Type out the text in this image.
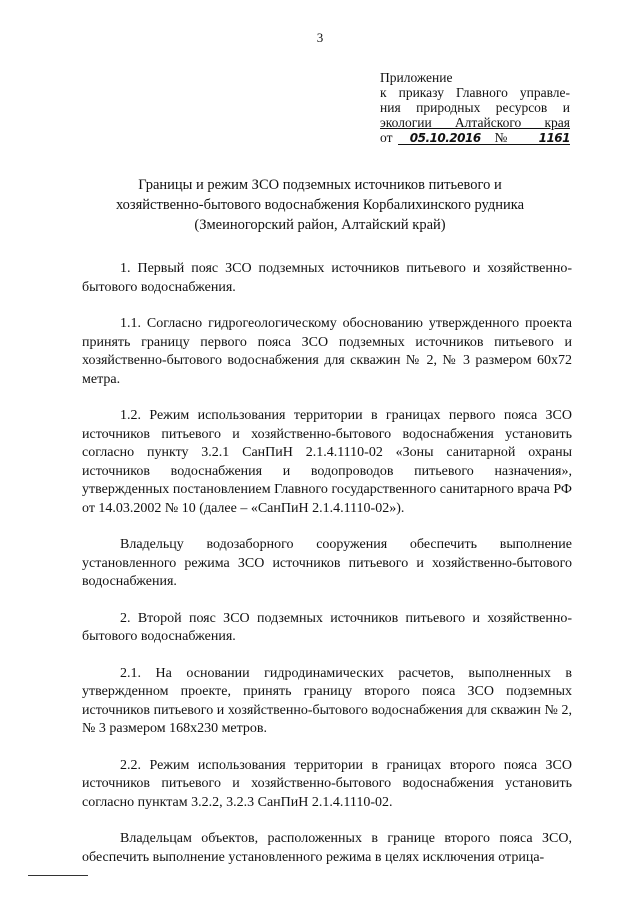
3
Приложение
к приказу Главного управле-
ния природных ресурсов и
экологии Алтайского края
от 05.10.2016№ 1161
Границы и режим ЗСО подземных источников питьевого и
хозяйственно-бытового водоснабжения Корбалихинского рудника
(Змеиногорский район, Алтайский край)

1. Первый пояс ЗСО подземных источников питьевого и хозяйственно-бытового водоснабжения.

1.1. Согласно гидрогеологическому обоснованию утвержденного проекта принять границу первого пояса ЗСО подземных источников питьевого и хозяйственно-бытового водоснабжения для скважин № 2, № 3 размером 60х72 метра.

1.2. Режим использования территории в границах первого пояса ЗСО источников питьевого и хозяйственно-бытового водоснабжения установить согласно пункту 3.2.1 СанПиН 2.1.4.1110-02 «Зоны санитарной охраны источников водоснабжения и водопроводов питьевого назначения», утвержденных постановлением Главного государственного санитарного врача РФ от 14.03.2002 № 10 (далее – «СанПиН 2.1.4.1110-02»).

Владельцу водозаборного сооружения обеспечить выполнение установленного режима ЗСО источников питьевого и хозяйственно-бытового водоснабжения.

2. Второй пояс ЗСО подземных источников питьевого и хозяйственно-бытового водоснабжения.

2.1. На основании гидродинамических расчетов, выполненных в утвержденном проекте, принять границу второго пояса ЗСО подземных источников питьевого и хозяйственно-бытового водоснабжения для скважин № 2, № 3 размером 168х230 метров.

2.2. Режим использования территории в границах второго пояса ЗСО источников питьевого и хозяйственно-бытового водоснабжения установить согласно пунктам 3.2.2, 3.2.3 СанПиН 2.1.4.1110-02.

Владельцам объектов, расположенных в границе второго пояса ЗСО, обеспечить выполнение установленного режима в целях исключения отрица-
